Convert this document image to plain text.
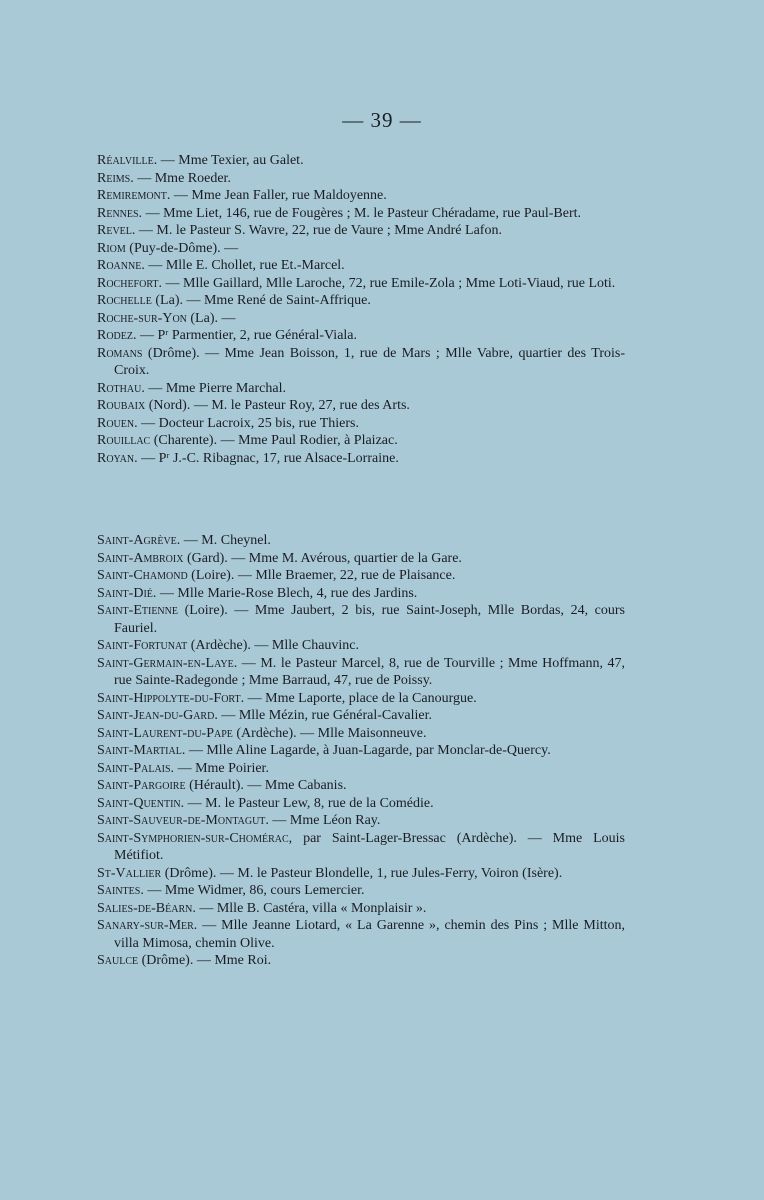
— 39 —
Réalville. — Mme Texier, au Galet.
Reims. — Mme Roeder.
Remiremont. — Mme Jean Faller, rue Maldoyenne.
Rennes. — Mme Liet, 146, rue de Fougères ; M. le Pasteur Chéradame, rue Paul-Bert.
Revel. — M. le Pasteur S. Wavre, 22, rue de Vaure ; Mme André Lafon.
Riom (Puy-de-Dôme). —
Roanne. — Mlle E. Chollet, rue Et.-Marcel.
Rochefort. — Mlle Gaillard, Mlle Laroche, 72, rue Emile-Zola ; Mme Loti-Viaud, rue Loti.
Rochelle (La). — Mme René de Saint-Affrique.
Roche-sur-Yon (La). —
Rodez. — Pʳ Parmentier, 2, rue Général-Viala.
Romans (Drôme). — Mme Jean Boisson, 1, rue de Mars ; Mlle Vabre, quartier des Trois-Croix.
Rothau. — Mme Pierre Marchal.
Roubaix (Nord). — M. le Pasteur Roy, 27, rue des Arts.
Rouen. — Docteur Lacroix, 25 bis, rue Thiers.
Rouillac (Charente). — Mme Paul Rodier, à Plaizac.
Royan. — Pʳ J.-C. Ribagnac, 17, rue Alsace-Lorraine.
Saint-Agrève. — M. Cheynel.
Saint-Ambroix (Gard). — Mme M. Avérous, quartier de la Gare.
Saint-Chamond (Loire). — Mlle Braemer, 22, rue de Plaisance.
Saint-Dié. — Mlle Marie-Rose Blech, 4, rue des Jardins.
Saint-Etienne (Loire). — Mme Jaubert, 2 bis, rue Saint-Joseph, Mlle Bordas, 24, cours Fauriel.
Saint-Fortunat (Ardèche). — Mlle Chauvinc.
Saint-Germain-en-Laye. — M. le Pasteur Marcel, 8, rue de Tourville ; Mme Hoffmann, 47, rue Sainte-Radegonde ; Mme Barraud, 47, rue de Poissy.
Saint-Hippolyte-du-Fort. — Mme Laporte, place de la Canourgue.
Saint-Jean-du-Gard. — Mlle Mézin, rue Général-Cavalier.
Saint-Laurent-du-Pape (Ardèche). — Mlle Maisonneuve.
Saint-Martial. — Mlle Aline Lagarde, à Juan-Lagarde, par Monclar-de-Quercy.
Saint-Palais. — Mme Poirier.
Saint-Pargoire (Hérault). — Mme Cabanis.
Saint-Quentin. — M. le Pasteur Lew, 8, rue de la Comédie.
Saint-Sauveur-de-Montagut. — Mme Léon Ray.
Saint-Symphorien-sur-Chomérac, par Saint-Lager-Bressac (Ardèche). — Mme Louis Métifiot.
St-Vallier (Drôme). — M. le Pasteur Blondelle, 1, rue Jules-Ferry, Voiron (Isère).
Saintes. — Mme Widmer, 86, cours Lemercier.
Salies-de-Béarn. — Mlle B. Castéra, villa « Monplaisir ».
Sanary-sur-Mer. — Mlle Jeanne Liotard, « La Garenne », chemin des Pins ; Mlle Mitton, villa Mimosa, chemin Olive.
Saulce (Drôme). — Mme Roi.
